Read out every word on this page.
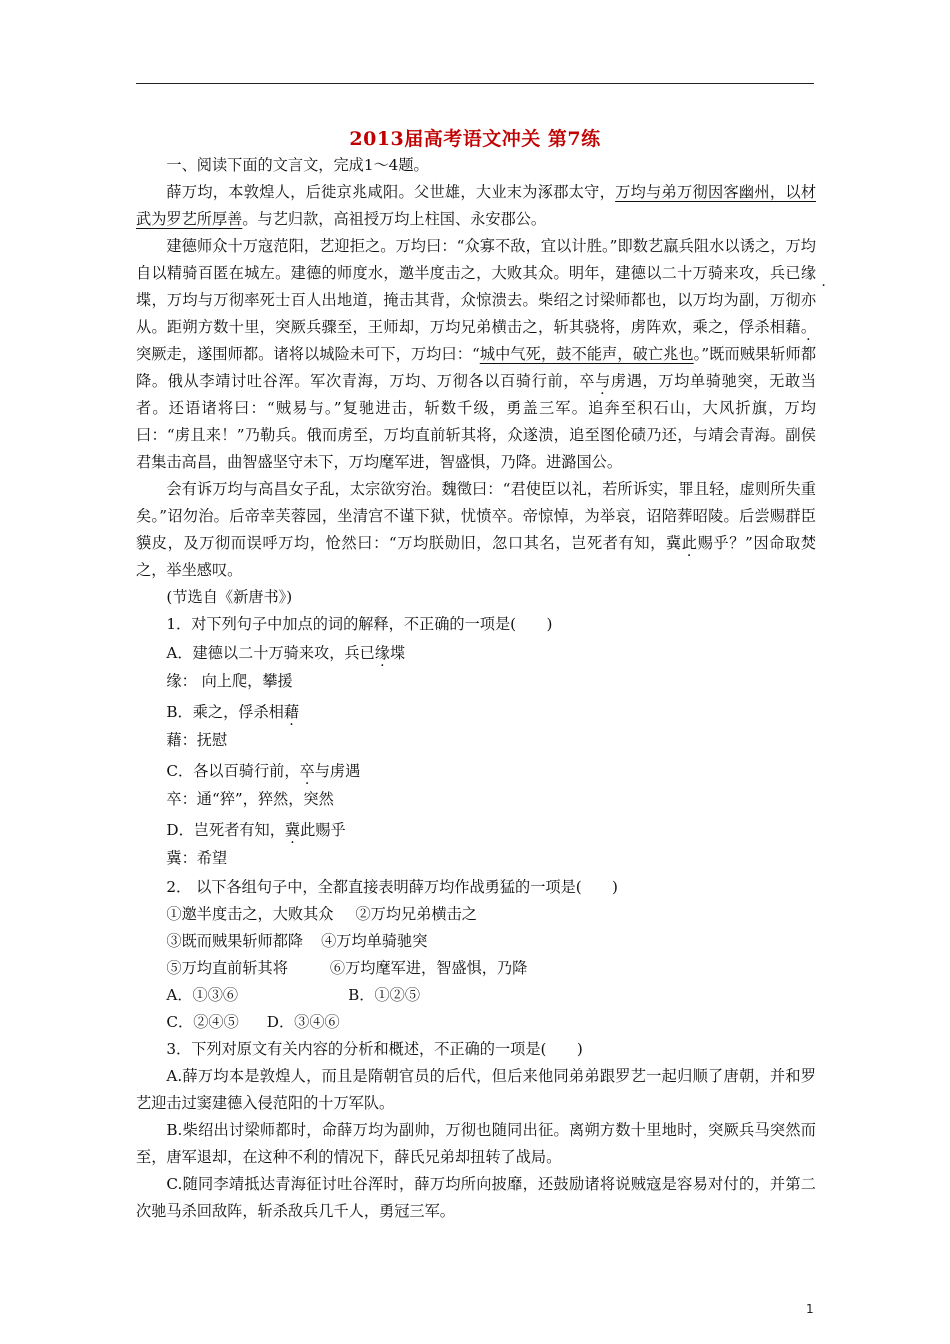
2013届高考语文冲关 第7练

一、阅读下面的文言文，完成1～4题。

薛万均，本敦煌人，后徙京兆咸阳。父世雄，大业末为涿郡太守，万均与弟万彻因客幽州，以材武为罗艺所厚善。与艺归款，高祖授万均上柱国、永安郡公。

建德师众十万寇范阳，艺迎拒之。万均曰：“众寡不敌，宜以计胜。”即数艺羸兵阻水以诱之，万均自以精骑百匿在城左。建德的师度水，邀半度击之，大败其众。明年，建德以二十万骑来攻，兵已缘堞，万均与万彻率死士百人出地道，掩击其背，众惊溃去。柴绍之讨梁师都也，以万均为副，万彻亦从。距朔方数十里，突厥兵骤至，王师却，万均兄弟横击之，斩其骁将，虏阵欢，乘之，俘杀相藉。突厥走，遂围师都。诸将以城险未可下，万均曰：“城中气死，鼓不能声，破亡兆也。”既而贼果斩师都降。俄从李靖讨吐谷浑。军次青海，万均、万彻各以百骑行前，卒与虏遇，万均单骑驰突，无敢当者。还语诸将曰：“贼易与。”复驰进击，斩数千级，勇盖三军。追奔至积石山，大风折旗，万均曰：“虏且来！”乃勒兵。俄而虏至，万均直前斩其将，众遂溃，追至图伦碛乃还，与靖会青海。副侯君集击高昌，曲智盛坚守未下，万均麾军进，智盛惧，乃降。进潞国公。

会有诉万均与高昌女子乱，太宗欲穷治。魏徵曰：“君使臣以礼，若所诉实，罪且轻，虚则所失重矣。”诏勿治。后帝幸芙蓉园，坐清宫不谨下狱，忧愤卒。帝惊悼，为举哀，诏陪葬昭陵。后尝赐群臣貘皮，及万彻而误呼万均，怆然曰：“万均朕勋旧，忽口其名，岂死者有知，冀此赐乎？”因命取焚之，举坐感叹。

(节选自《新唐书》)

1．对下列句子中加点的词的解释，不正确的一项是(　　)

A．建德以二十万骑来攻，兵已缘堞

缘： 向上爬，攀援

B．乘之，俘杀相藉

藉：抚慰

C．各以百骑行前，卒与虏遇

卒：通“猝”，猝然，突然

D．岂死者有知，冀此赐乎

冀：希望

2． 以下各组句子中，全都直接表明薛万均作战勇猛的一项是(　　)

①邀半度击之，大败其众 ②万均兄弟横击之

③既而贼果斩师都降 ④万均单骑驰突

⑤万均直前斩其将	⑥万均麾军进，智盛惧，乃降

A．①③⑥	B．①②⑤

C．②④⑤ D．③④⑥

3．下列对原文有关内容的分析和概述，不正确的一项是(　　)

A.薛万均本是敦煌人，而且是隋朝官员的后代，但后来他同弟弟跟罗艺一起归顺了唐朝，并和罗艺迎击过窦建德入侵范阳的十万军队。

B.柴绍出讨梁师都时，命薛万均为副帅，万彻也随同出征。离朔方数十里地时，突厥兵马突然而至，唐军退却，在这种不利的情况下，薛氏兄弟却扭转了战局。

C.随同李靖抵达青海征讨吐谷浑时，薛万均所向披靡，还鼓励诸将说贼寇是容易对付的，并第二次驰马杀回敌阵，斩杀敌兵几千人，勇冠三军。

1
